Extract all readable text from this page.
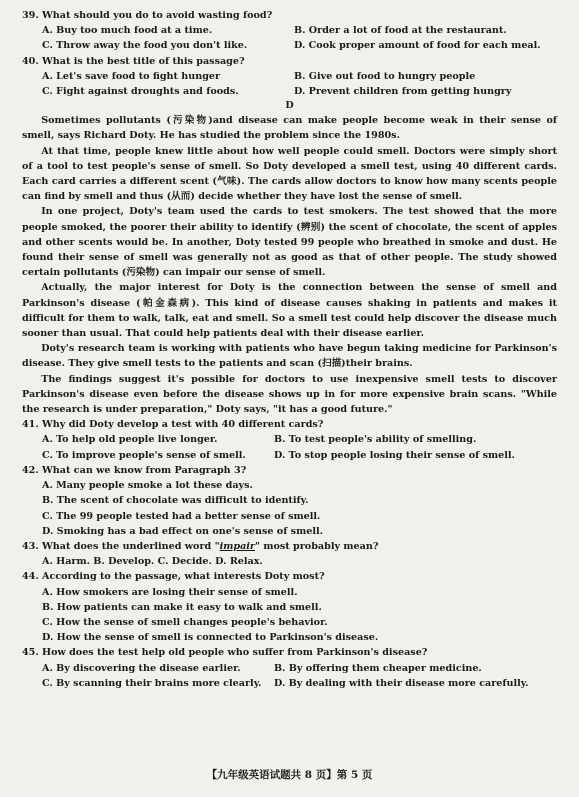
39. What should you do to avoid wasting food?
A. Buy too much food at a time.	B. Order a lot of food at the restaurant.
C. Throw away the food you don't like.	D. Cook proper amount of food for each meal.
40. What is the best title of this passage?
A. Let's save food to fight hunger	B. Give out food to hungry people
C. Fight against droughts and foods.	D. Prevent children from getting hungry
D

Sometimes pollutants (污染物)and disease can make people become weak in their sense of smell, says Richard Doty. He has studied the problem since the 1980s.

At that time, people knew little about how well people could smell. Doctors were simply short of a tool to test people's sense of smell. So Doty developed a smell test, using 40 different cards. Each card carries a different scent (气味). The cards allow doctors to know how many scents people can find by smell and thus (从而) decide whether they have lost the sense of smell.

In one project, Doty's team used the cards to test smokers. The test showed that the more people smoked, the poorer their ability to identify (辨别) the scent of chocolate, the scent of apples and other scents would be. In another, Doty tested 99 people who breathed in smoke and dust. He found their sense of smell was generally not as good as that of other people. The study showed certain pollutants (污染物) can impair our sense of smell.

Actually, the major interest for Doty is the connection between the sense of smell and Parkinson's disease (帕金森病). This kind of disease causes shaking in patients and makes it difficult for them to walk, talk, eat and smell. So a smell test could help discover the disease much sooner than usual. That could help patients deal with their disease earlier.

Doty's research team is working with patients who have begun taking medicine for Parkinson's disease. They give smell tests to the patients and scan (扫描)their brains.

The findings suggest it's possible for doctors to use inexpensive smell tests to discover Parkinson's disease even before the disease shows up in for more expensive brain scans. "While the research is under preparation," Doty says, "it has a good future."

41. Why did Doty develop a test with 40 different cards?
A. To help old people live longer.	B. To test people's ability of smelling.
C. To improve people's sense of smell.	D. To stop people losing their sense of smell.
42. What can we know from Paragraph 3?
A. Many people smoke a lot these days.
B. The scent of chocolate was difficult to identify.
C. The 99 people tested had a better sense of smell.
D. Smoking has a bad effect on one's sense of smell.
43. What does the underlined word "impair" most probably mean?
A. Harm. B. Develop. C. Decide. D. Relax.
44. According to the passage, what interests Doty most?
A. How smokers are losing their sense of smell.
B. How patients can make it easy to walk and smell.
C. How the sense of smell changes people's behavior.
D. How the sense of smell is connected to Parkinson's disease.
45. How does the test help old people who suffer from Parkinson's disease?
A. By discovering the disease earlier.	B. By offering them cheaper medicine.
C. By scanning their brains more clearly.	D. By dealing with their disease more carefully.
【九年级英语试题共 8 页】第 5 页
